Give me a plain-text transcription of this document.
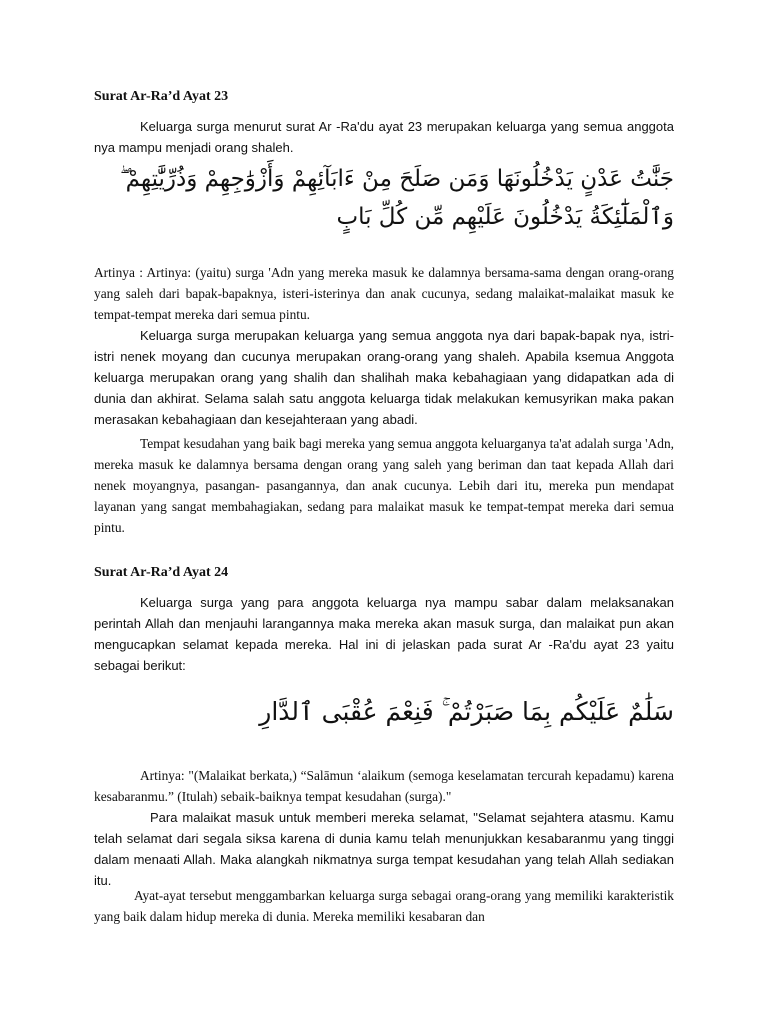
Surat Ar-Ra’d Ayat 23

Keluarga surga menurut surat Ar -Ra'du ayat 23 merupakan keluarga yang semua anggota nya mampu menjadi orang shaleh.

جَنَّٰتُ عَدْنٍ يَدْخُلُونَهَا وَمَن صَلَحَ مِنْ ءَابَآئِهِمْ وَأَزْوَٰجِهِمْ وَذُرِّيَّٰتِهِمْ ۖ وَٱلْمَلَٰٓئِكَةُ يَدْخُلُونَ عَلَيْهِم مِّن كُلِّ بَابٍ

Artinya : Artinya: (yaitu) surga 'Adn yang mereka masuk ke dalamnya bersama-sama dengan orang-orang yang saleh dari bapak-bapaknya, isteri-isterinya dan anak cucunya, sedang malaikat-malaikat masuk ke tempat-tempat mereka dari semua pintu.

Keluarga surga merupakan keluarga yang semua anggota nya dari bapak-bapak nya, istri-istri nenek moyang dan cucunya merupakan orang-orang yang shaleh. Apabila ksemua Anggota keluarga merupakan orang yang shalih dan shalihah maka kebahagiaan yang didapatkan ada di dunia dan akhirat. Selama salah satu anggota keluarga tidak melakukan kemusyrikan maka pakan merasakan kebahagiaan dan kesejahteraan yang abadi.

Tempat kesudahan yang baik bagi mereka yang semua anggota keluarganya ta'at adalah surga 'Adn, mereka masuk ke dalamnya bersama dengan orang yang saleh yang beriman dan taat kepada Allah dari nenek moyangnya, pasangan- pasangannya, dan anak cucunya. Lebih dari itu, mereka pun mendapat layanan yang sangat membahagiakan, sedang para malaikat masuk ke tempat-tempat mereka dari semua pintu.

Surat Ar-Ra’d Ayat 24

Keluarga surga yang para anggota keluarga nya mampu sabar dalam melaksanakan perintah Allah dan menjauhi larangannya maka mereka akan masuk surga, dan malaikat pun akan mengucapkan selamat kepada mereka. Hal ini di jelaskan pada surat Ar -Ra'du ayat 23 yaitu sebagai berikut:

سَلَٰمٌ عَلَيْكُم بِمَا صَبَرْتُمْ ۚ فَنِعْمَ عُقْبَى ٱلدَّارِ

Artinya: "(Malaikat berkata,) “Salāmun ‘alaikum (semoga keselamatan tercurah kepadamu) karena kesabaranmu.” (Itulah) sebaik-baiknya tempat kesudahan (surga)."

Para malaikat masuk untuk memberi mereka selamat, "Selamat sejahtera atasmu. Kamu telah selamat dari segala siksa karena di dunia kamu telah menunjukkan kesabaranmu yang tinggi dalam menaati Allah. Maka alangkah nikmatnya surga tempat kesudahan yang telah Allah sediakan itu.

Ayat-ayat tersebut menggambarkan keluarga surga sebagai orang-orang yang memiliki karakteristik yang baik dalam hidup mereka di dunia. Mereka memiliki kesabaran dan
